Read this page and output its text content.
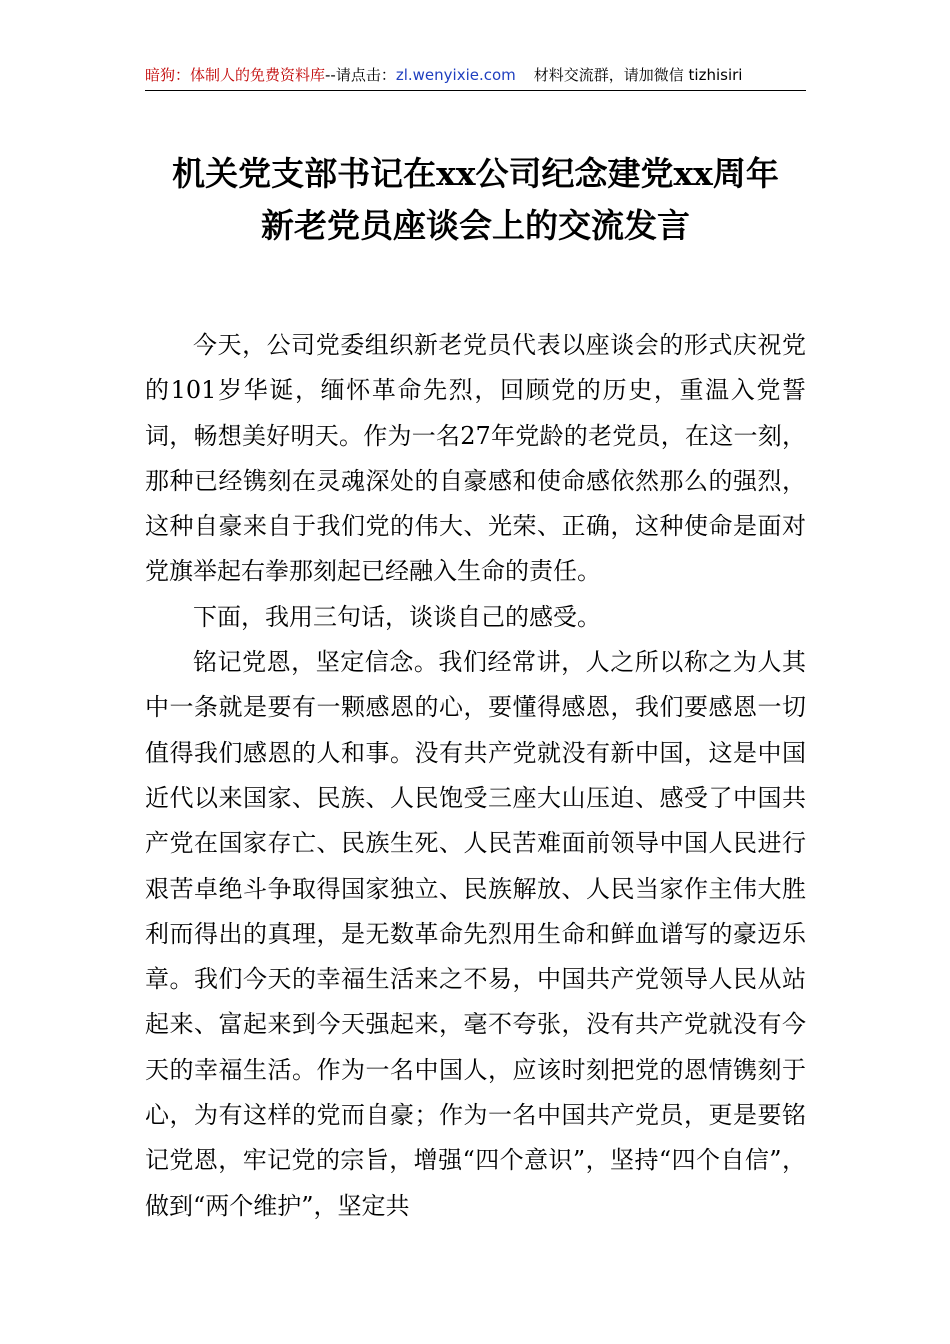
暗狗：体制人的免费资料库--请点击：zl.wenyixie.com 材料交流群，请加微信 tizhisiri
机关党支部书记在xx公司纪念建党xx周年
新老党员座谈会上的交流发言

今天，公司党委组织新老党员代表以座谈会的形式庆祝党的101岁华诞，缅怀革命先烈，回顾党的历史，重温入党誓词，畅想美好明天。作为一名27年党龄的老党员，在这一刻，那种已经镌刻在灵魂深处的自豪感和使命感依然那么的强烈，这种自豪来自于我们党的伟大、光荣、正确，这种使命是面对党旗举起右拳那刻起已经融入生命的责任。

下面，我用三句话，谈谈自己的感受。

铭记党恩，坚定信念。我们经常讲，人之所以称之为人其中一条就是要有一颗感恩的心，要懂得感恩，我们要感恩一切值得我们感恩的人和事。没有共产党就没有新中国，这是中国近代以来国家、民族、人民饱受三座大山压迫、感受了中国共产党在国家存亡、民族生死、人民苦难面前领导中国人民进行艰苦卓绝斗争取得国家独立、民族解放、人民当家作主伟大胜利而得出的真理，是无数革命先烈用生命和鲜血谱写的豪迈乐章。我们今天的幸福生活来之不易，中国共产党领导人民从站起来、富起来到今天强起来，毫不夸张，没有共产党就没有今天的幸福生活。作为一名中国人，应该时刻把党的恩情镌刻于心，为有这样的党而自豪；作为一名中国共产党员，更是要铭记党恩，牢记党的宗旨，增强“四个意识”，坚持“四个自信”，做到“两个维护”，坚定共
